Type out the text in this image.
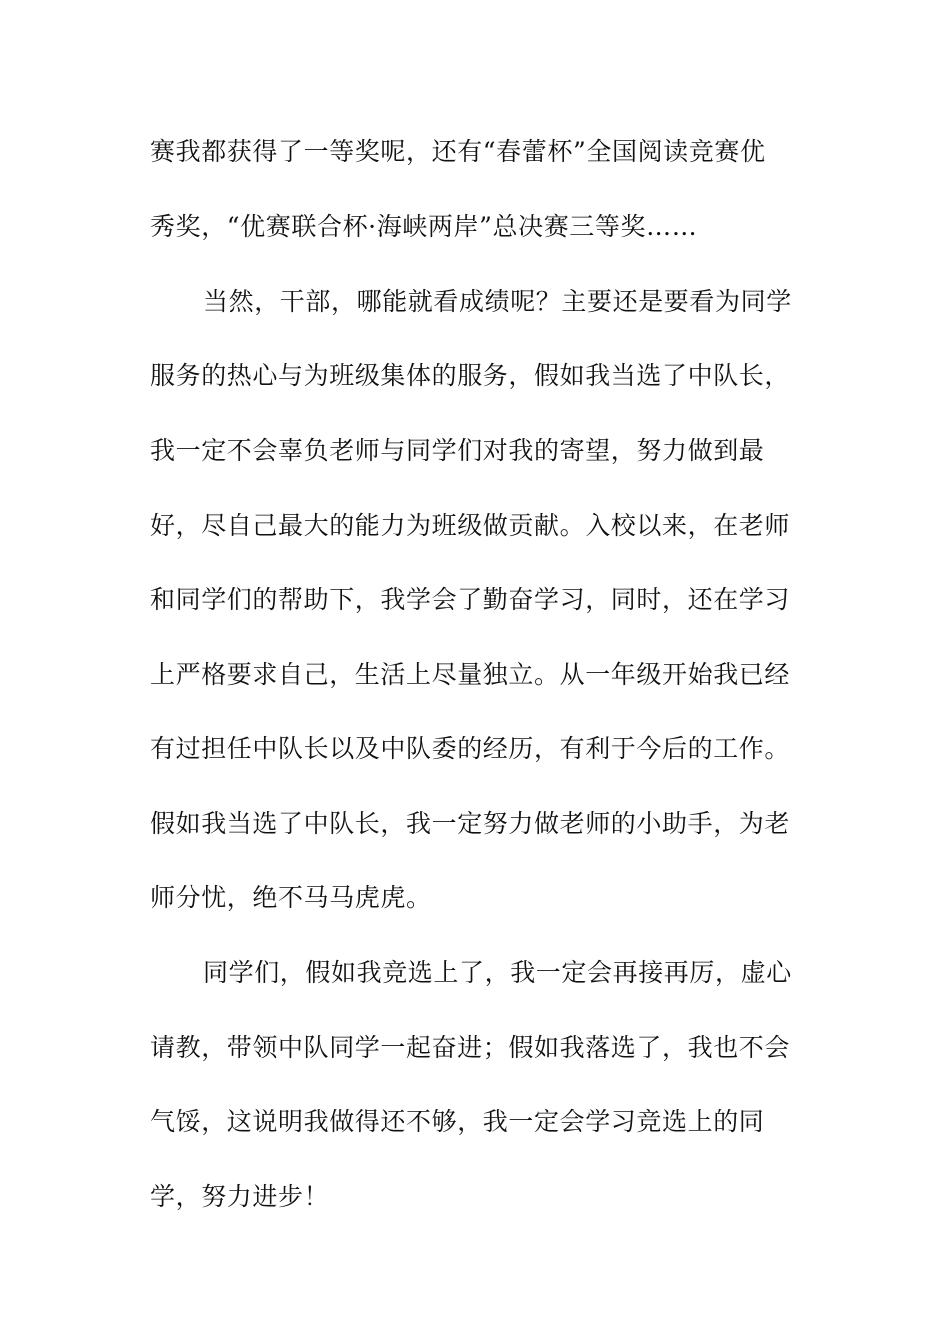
赛我都获得了一等奖呢，还有“春蕾杯”全国阅读竞赛优
秀奖，“优赛联合杯·海峡两岸”总决赛三等奖……
当然，干部，哪能就看成绩呢？主要还是要看为同学
服务的热心与为班级集体的服务，假如我当选了中队长，
我一定不会辜负老师与同学们对我的寄望，努力做到最
好，尽自己最大的能力为班级做贡献。入校以来，在老师
和同学们的帮助下，我学会了勤奋学习，同时，还在学习
上严格要求自己，生活上尽量独立。从一年级开始我已经
有过担任中队长以及中队委的经历，有利于今后的工作。
假如我当选了中队长，我一定努力做老师的小助手，为老
师分忧，绝不马马虎虎。
同学们，假如我竞选上了，我一定会再接再厉，虚心
请教，带领中队同学一起奋进；假如我落选了，我也不会
气馁，这说明我做得还不够，我一定会学习竞选上的同
学，努力进步！
